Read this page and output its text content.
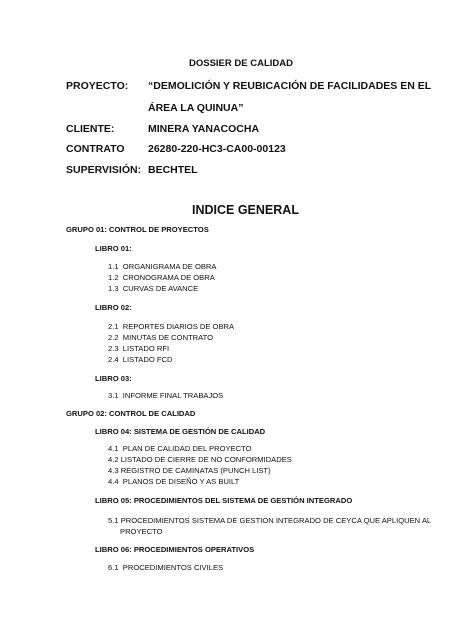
DOSSIER DE CALIDAD
PROYECTO: “DEMOLICIÓN Y REUBICACIÓN DE FACILIDADES EN EL
ÁREA LA QUINUA”
CLIENTE:	MINERA YANACOCHA
CONTRATO 26280-220-HC3-CA00-00123
SUPERVISIÓN: BECHTEL
INDICE GENERAL
GRUPO 01: CONTROL DE PROYECTOS
LIBRO 01:
1.1 ORGANIGRAMA DE OBRA
1.2 CRONOGRAMA DE OBRA
1.3 CURVAS DE AVANCE
LIBRO 02:
2.1 REPORTES DIARIOS DE OBRA
2.2 MINUTAS DE CONTRATO
2.3 LISTADO RFI
2.4 LISTADO FCD
LIBRO 03:
3.1 INFORME FINAL TRABAJOS
GRUPO 02: CONTROL DE CALIDAD
LIBRO 04: SISTEMA DE GESTIÓN DE CALIDAD
4.1 PLAN DE CALIDAD DEL PROYECTO
4.2 LISTADO DE CIERRE DE NO CONFORMIDADES
4.3 REGISTRO DE CAMINATAS (PUNCH LIST)
4.4 PLANOS DE DISEÑO Y AS BUILT
LIBRO 05: PROCEDIMIENTOS DEL SISTEMA DE GESTIÓN INTEGRADO
5.1 PROCEDIMIENTOS SISTEMA DE GESTION INTEGRADO DE CEYCA QUE APLIQUEN AL
PROYECTO
LIBRO 06: PROCEDIMIENTOS OPERATIVOS
6.1 PROCEDIMIENTOS CIVILES
